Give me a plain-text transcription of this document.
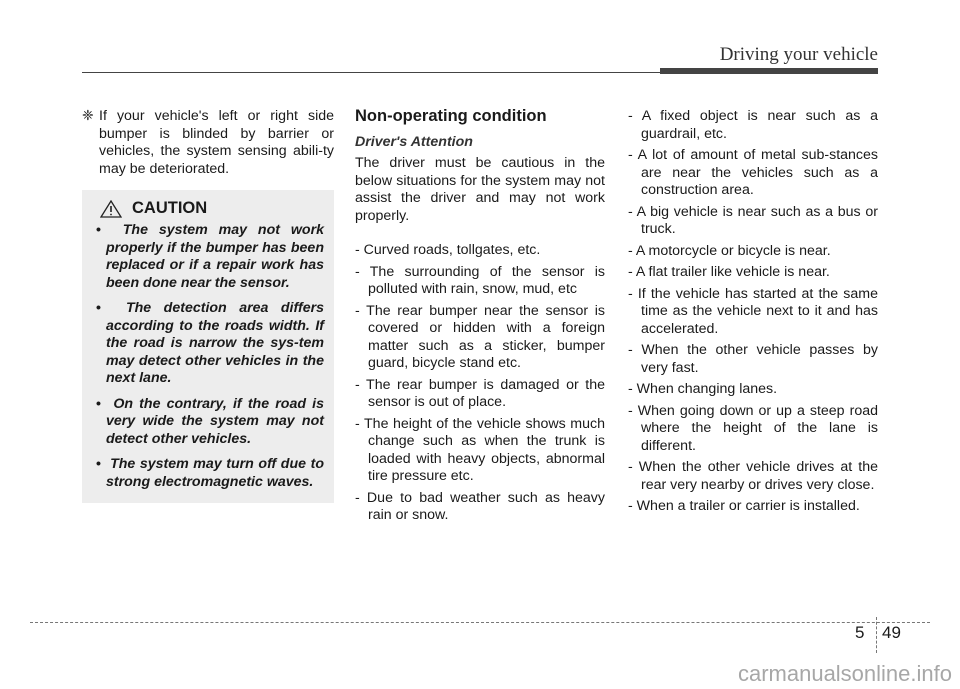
Driving your vehicle
❈ If your vehicle's left or right side bumper is blinded by barrier or vehicles, the system sensing abili-ty may be deteriorated.

CAUTION
•  The system may not work properly if the bumper has been replaced or if a repair work has been done near the sensor.
•  The detection area differs according to the roads width. If the road is narrow the sys-tem may detect other vehicles in the next lane.
•  On the contrary, if the road is very wide the system may not detect other vehicles.
•  The system may turn off due to strong electromagnetic waves.
Non-operating condition
Driver's Attention

The driver must be cautious in the below situations for the system may not assist the driver and may not work properly.

- Curved roads, tollgates, etc.
- The surrounding of the sensor is polluted with rain, snow, mud, etc
- The rear bumper near the sensor is covered or hidden with a foreign matter such as a sticker, bumper guard, bicycle stand etc.
- The rear bumper is damaged or the sensor is out of place.
- The height of the vehicle shows much change such as when the trunk is loaded with heavy objects, abnormal tire pressure etc.
- Due to bad weather such as heavy rain or snow.
- A fixed object is near such as a guardrail, etc.
- A lot of amount of metal sub-stances are near the vehicles such as a construction area.
- A big vehicle is near such as a bus or truck.
- A motorcycle or bicycle is near.
- A flat trailer like vehicle is near.
- If the vehicle has started at the same time as the vehicle next to it and has accelerated.
- When the other vehicle passes by very fast.
- When changing lanes.
- When going down or up a steep road where the height of the lane is different.
- When the other vehicle drives at the rear very nearby or drives very close.
- When a trailer or carrier is installed.
5 49
carmanualsonline.info
